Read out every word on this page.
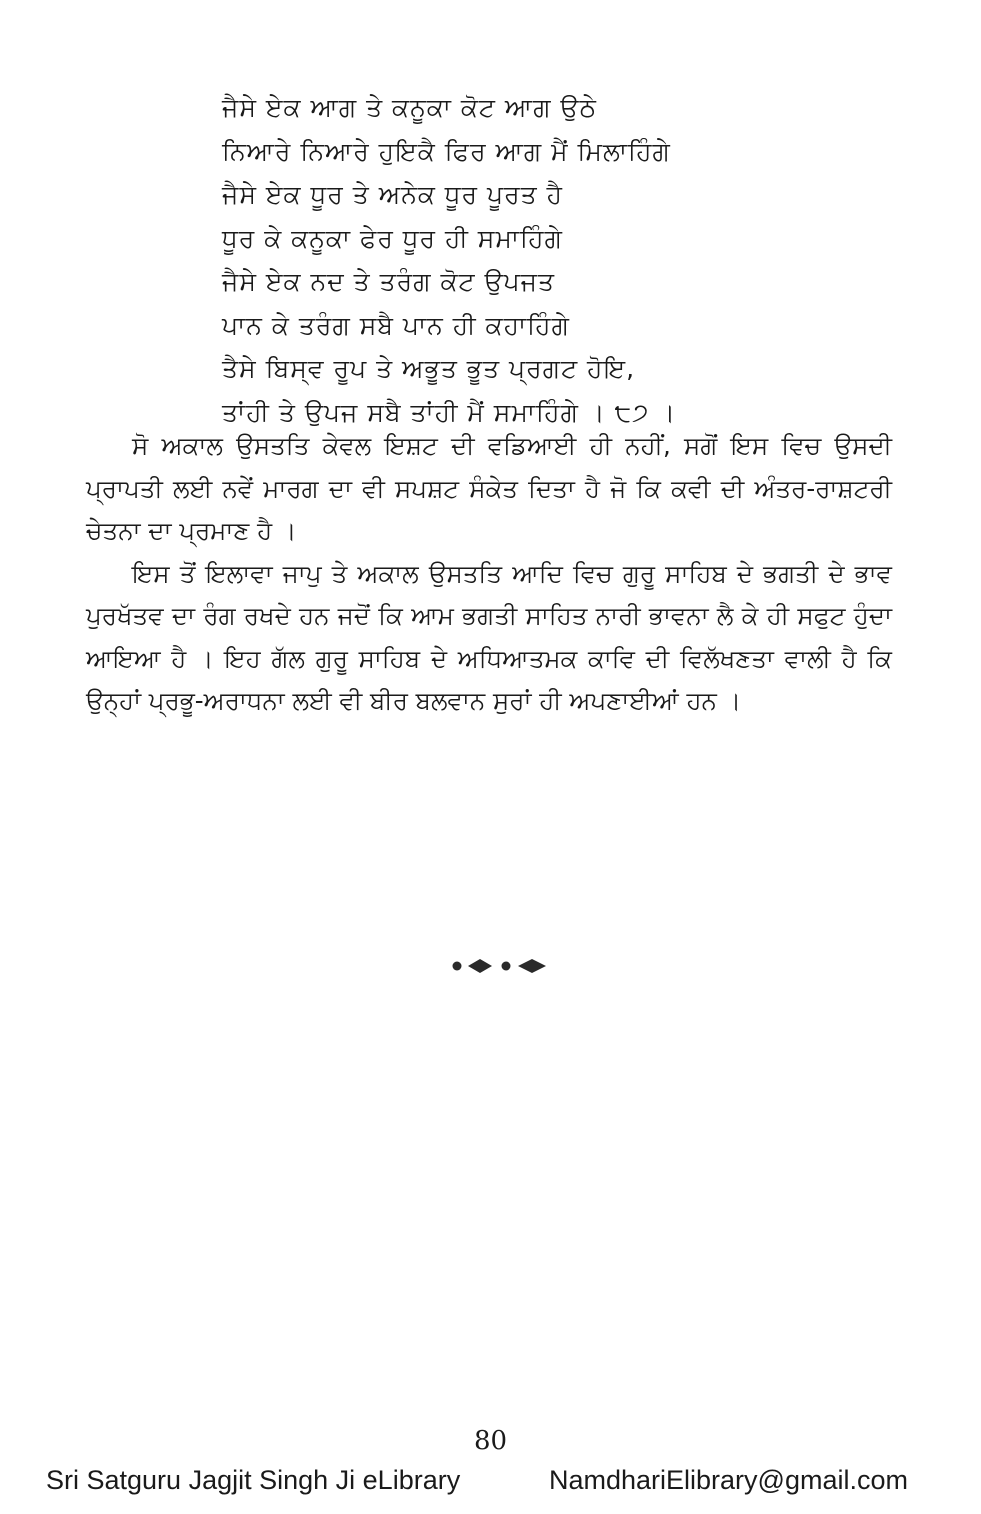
ਜੈਸੇ ਏਕ ਆਗ ਤੇ ਕਨੂਕਾ ਕੋਟ ਆਗ ਉਠੇ
ਨਿਆਰੇ ਨਿਆਰੇ ਹੁਇਕੈ ਫਿਰ ਆਗ ਮੈਂ ਮਿਲਾਹਿੰਗੇ
ਜੈਸੇ ਏਕ ਧੂਰ ਤੇ ਅਨੇਕ ਧੂਰ ਪੂਰਤ ਹੈ
ਧੂਰ ਕੇ ਕਨੂਕਾ ਫੇਰ ਧੂਰ ਹੀ ਸਮਾਹਿੰਗੇ
ਜੈਸੇ ਏਕ ਨਦ ਤੇ ਤਰੰਗ ਕੋਟ ਉਪਜਤ
ਪਾਨ ਕੇ ਤਰੰਗ ਸਬੈ ਪਾਨ ਹੀ ਕਹਾਹਿੰਗੇ
ਤੈਸੇ ਬਿਸ੍ਵ ਰੂਪ ਤੇ ਅਭੂਤ ਭੂਤ ਪ੍ਰਗਟ ਹੋਇ,
ਤਾਂਹੀ ਤੇ ਉਪਜ ਸਬੈ ਤਾਂਹੀ ਮੈਂ ਸਮਾਹਿੰਗੇ । ੮੭ ।

ਸੋ ਅਕਾਲ ਉਸਤਤਿ ਕੇਵਲ ਇਸ਼ਟ ਦੀ ਵਡਿਆਈ ਹੀ ਨਹੀਂ, ਸਗੋਂ ਇਸ ਵਿਚ ਉਸਦੀ ਪ੍ਰਾਪਤੀ ਲਈ ਨਵੇਂ ਮਾਰਗ ਦਾ ਵੀ ਸਪਸ਼ਟ ਸੰਕੇਤ ਦਿਤਾ ਹੈ ਜੋ ਕਿ ਕਵੀ ਦੀ ਅੰਤਰ-ਰਾਸ਼ਟਰੀ ਚੇਤਨਾ ਦਾ ਪ੍ਰਮਾਣ ਹੈ ।

ਇਸ ਤੋਂ ਇਲਾਵਾ ਜਾਪੁ ਤੇ ਅਕਾਲ ਉਸਤਤਿ ਆਦਿ ਵਿਚ ਗੁਰੂ ਸਾਹਿਬ ਦੇ ਭਗਤੀ ਦੇ ਭਾਵ ਪੁਰਖੱਤਵ ਦਾ ਰੰਗ ਰਖਦੇ ਹਨ ਜਦੋਂ ਕਿ ਆਮ ਭਗਤੀ ਸਾਹਿਤ ਨਾਰੀ ਭਾਵਨਾ ਲੈ ਕੇ ਹੀ ਸਫੁਟ ਹੁੰਦਾ ਆਇਆ ਹੈ । ਇਹ ਗੱਲ ਗੁਰੂ ਸਾਹਿਬ ਦੇ ਅਧਿਆਤਮਕ ਕਾਵਿ ਦੀ ਵਿਲੱਖਣਤਾ ਵਾਲੀ ਹੈ ਕਿ ਉਨ੍ਹਾਂ ਪ੍ਰਭੂ-ਅਰਾਧਨਾ ਲਈ ਵੀ ਬੀਰ ਬਲਵਾਨ ਸੁਰਾਂ ਹੀ ਅਪਣਾਈਆਂ ਹਨ ।

80
Sri Satguru Jagjit Singh Ji eLibrary	NamdhariElibrary@gmail.com
